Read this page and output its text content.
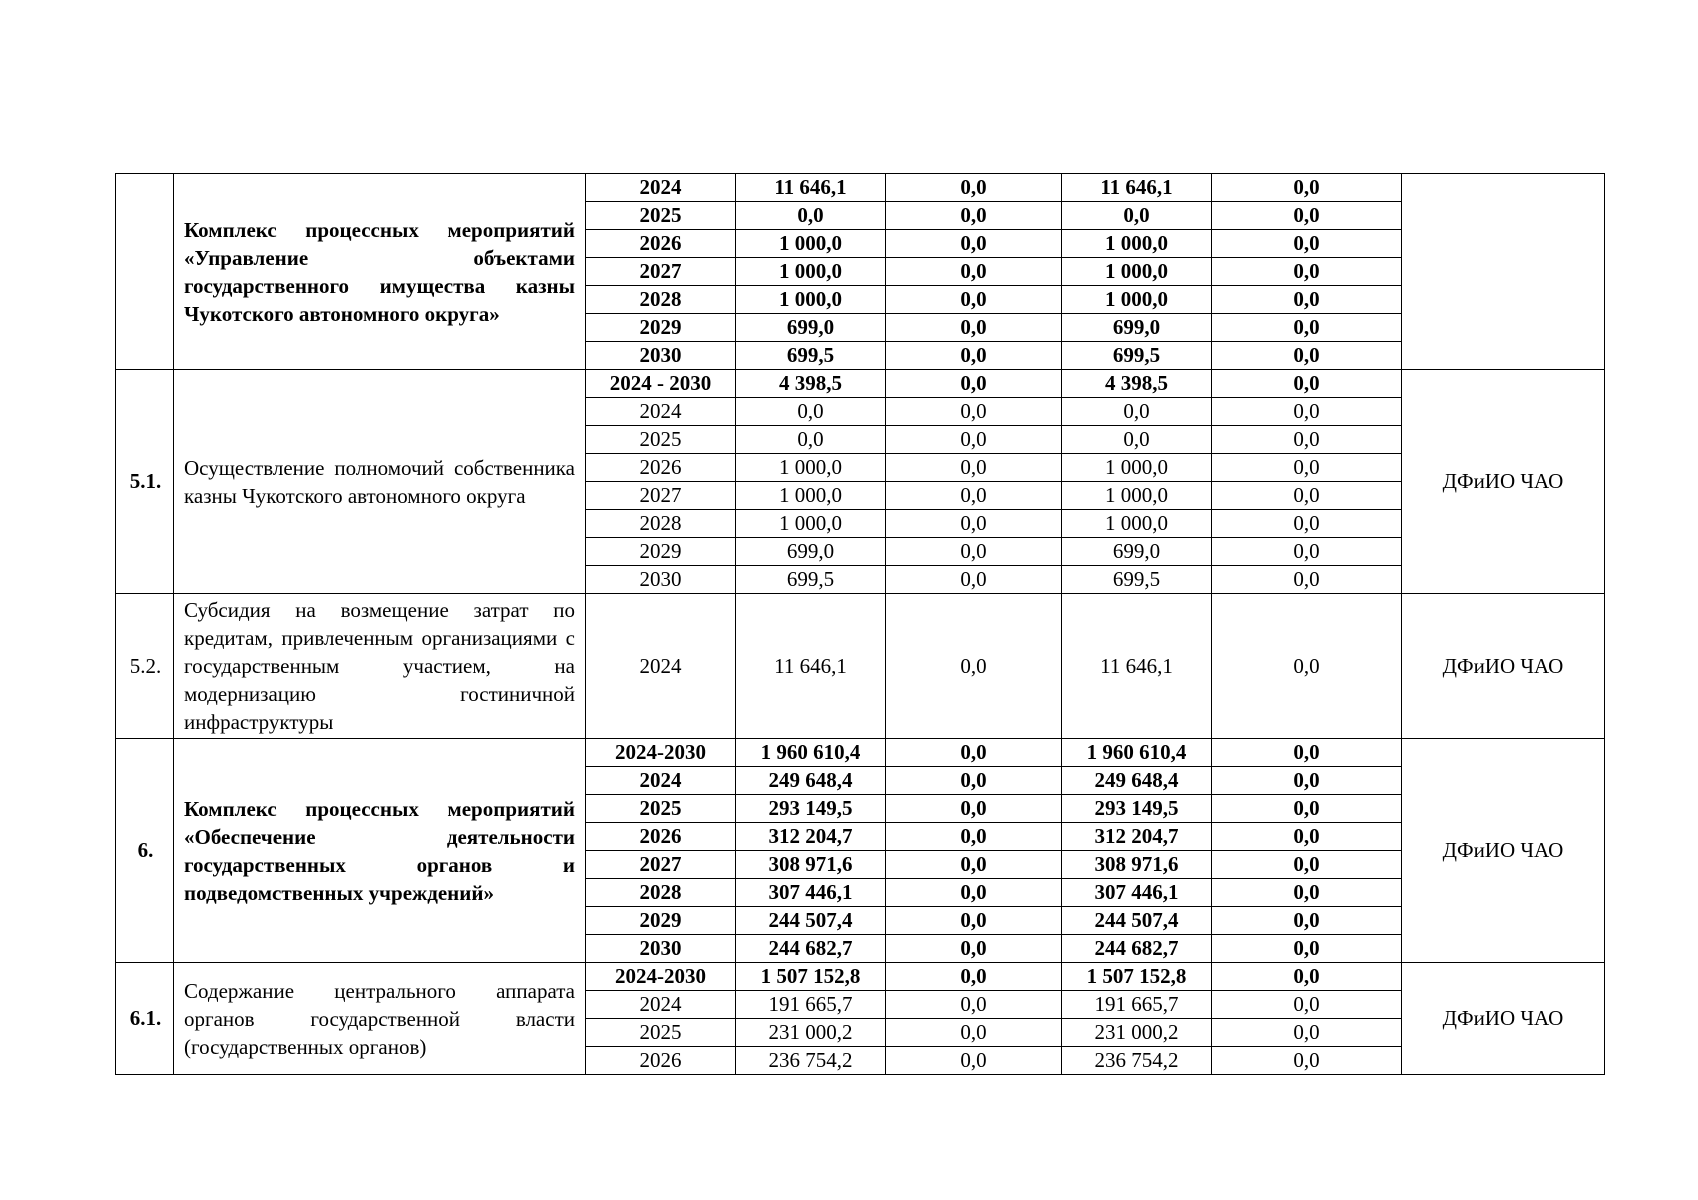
	Комплекс процессных мероприятий «Управление объектами государственного имущества казны Чукотского автономного округа»	2024	11 646,1	0,0	11 646,1	0,0	
		2025	0,0	0,0	0,0	0,0	
		2026	1 000,0	0,0	1 000,0	0,0	
		2027	1 000,0	0,0	1 000,0	0,0	
		2028	1 000,0	0,0	1 000,0	0,0	
		2029	699,0	0,0	699,0	0,0	
		2030	699,5	0,0	699,5	0,0	
5.1.	Осуществление полномочий собственника казны Чукотского автономного округа	2024 - 2030	4 398,5	0,0	4 398,5	0,0	ДФиИО ЧАО
		2024	0,0	0,0	0,0	0,0	
		2025	0,0	0,0	0,0	0,0	
		2026	1 000,0	0,0	1 000,0	0,0	
		2027	1 000,0	0,0	1 000,0	0,0	
		2028	1 000,0	0,0	1 000,0	0,0	
		2029	699,0	0,0	699,0	0,0	
		2030	699,5	0,0	699,5	0,0	
5.2.	Субсидия на возмещение затрат по кредитам, привлеченным организациями с государственным участием, на модернизацию гостиничной инфраструктуры	2024	11 646,1	0,0	11 646,1	0,0	ДФиИО ЧАО
6.	Комплекс процессных мероприятий «Обеспечение деятельности государственных органов и подведомственных учреждений»	2024-2030	1 960 610,4	0,0	1 960 610,4	0,0	ДФиИО ЧАО
		2024	249 648,4	0,0	249 648,4	0,0	
		2025	293 149,5	0,0	293 149,5	0,0	
		2026	312 204,7	0,0	312 204,7	0,0	
		2027	308 971,6	0,0	308 971,6	0,0	
		2028	307 446,1	0,0	307 446,1	0,0	
		2029	244 507,4	0,0	244 507,4	0,0	
		2030	244 682,7	0,0	244 682,7	0,0	
6.1.	Содержание центрального аппарата органов государственной власти (государственных органов)	2024-2030	1 507 152,8	0,0	1 507 152,8	0,0	ДФиИО ЧАО
		2024	191 665,7	0,0	191 665,7	0,0	
		2025	231 000,2	0,0	231 000,2	0,0	
		2026	236 754,2	0,0	236 754,2	0,0	
